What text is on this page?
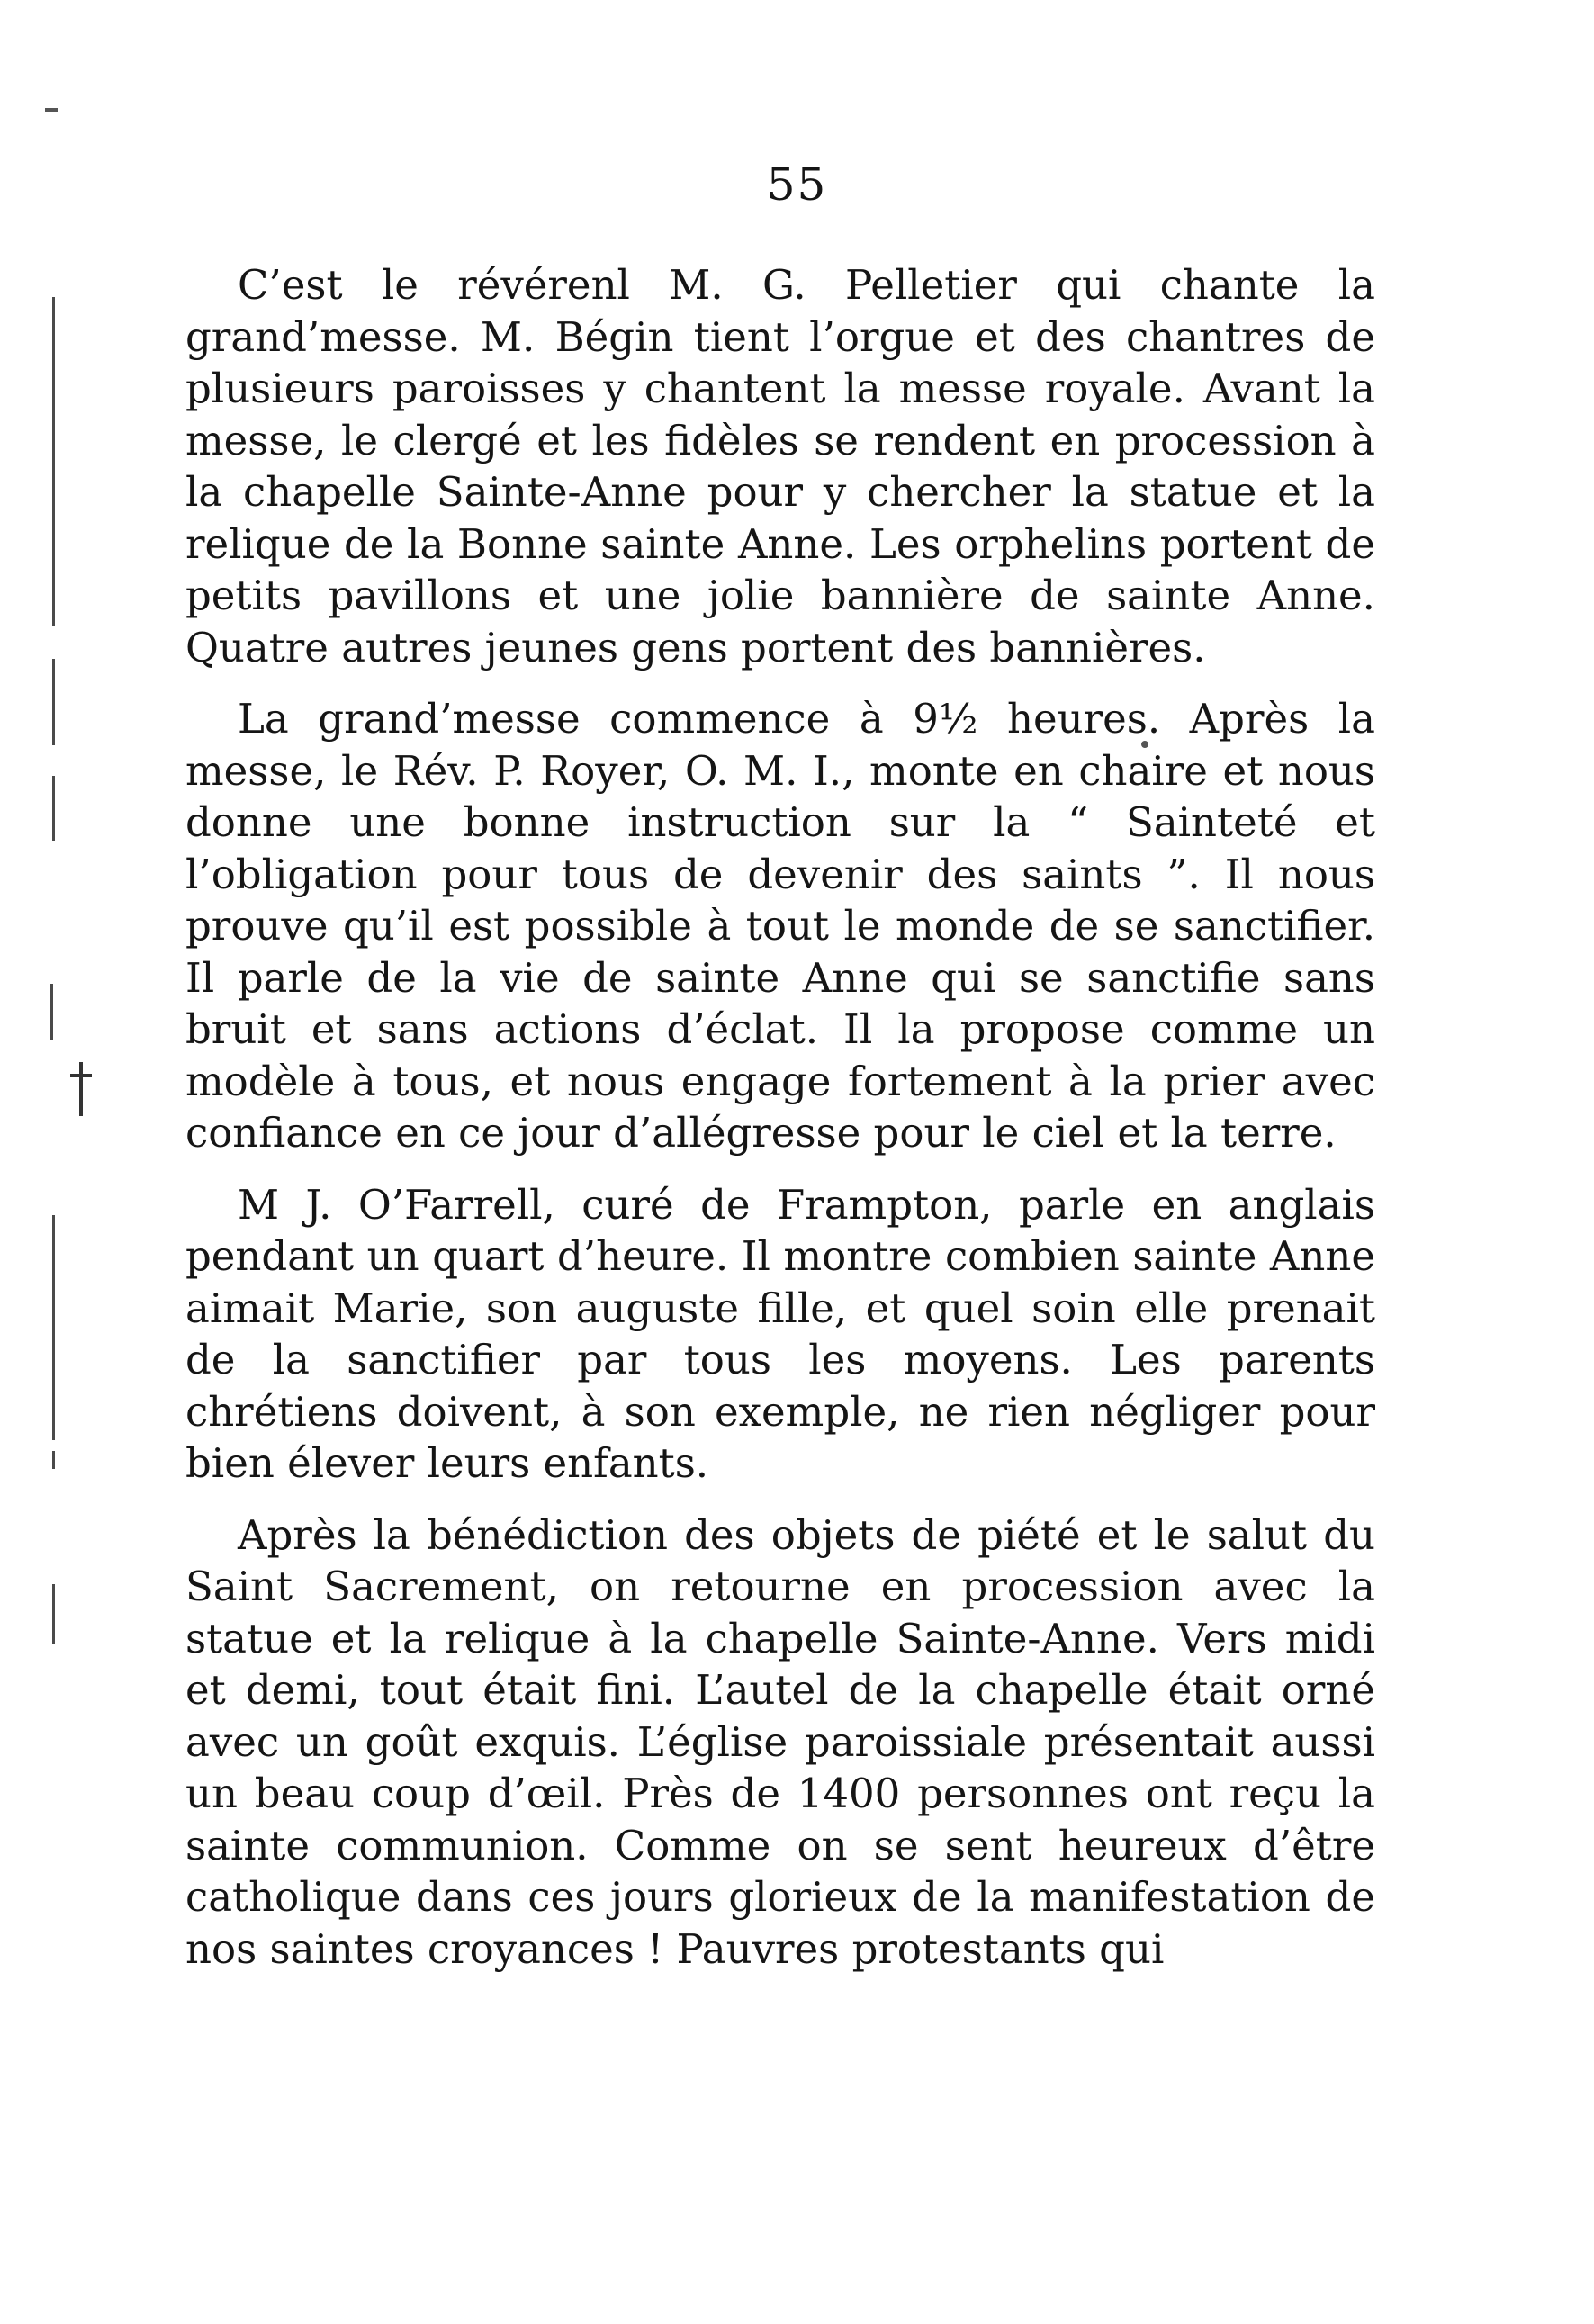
55

C’est le révérenl M. G. Pelletier qui chante la grand’messe. M. Bégin tient l’orgue et des chantres de plusieurs paroisses y chantent la messe royale. Avant la messe, le clergé et les fidèles se rendent en procession à la chapelle Sainte-Anne pour y chercher la statue et la relique de la Bonne sainte Anne. Les orphelins portent de petits pavillons et une jolie bannière de sainte Anne. Quatre autres jeunes gens portent des bannières.

La grand’messe commence à 9½ heures. Après la messe, le Rév. P. Royer, O. M. I., monte en chaire et nous donne une bonne instruction sur la “ Sainteté et l’obligation pour tous de devenir des saints ”. Il nous prouve qu’il est possible à tout le monde de se sanctifier. Il parle de la vie de sainte Anne qui se sanctifie sans bruit et sans actions d’éclat. Il la propose comme un modèle à tous, et nous engage fortement à la prier avec confiance en ce jour d’allégresse pour le ciel et la terre.

M J. O’Farrell, curé de Frampton, parle en anglais pendant un quart d’heure. Il montre combien sainte Anne aimait Marie, son auguste fille, et quel soin elle prenait de la sanctifier par tous les moyens. Les parents chrétiens doivent, à son exemple, ne rien négliger pour bien élever leurs enfants.

Après la bénédiction des objets de piété et le salut du Saint Sacrement, on retourne en procession avec la statue et la relique à la chapelle Sainte-Anne. Vers midi et demi, tout était fini. L’autel de la chapelle était orné avec un goût exquis. L’église paroissiale présentait aussi un beau coup d’œil. Près de 1400 personnes ont reçu la sainte communion. Comme on se sent heureux d’être catholique dans ces jours glorieux de la manifestation de nos saintes croyances ! Pauvres protestants qui
